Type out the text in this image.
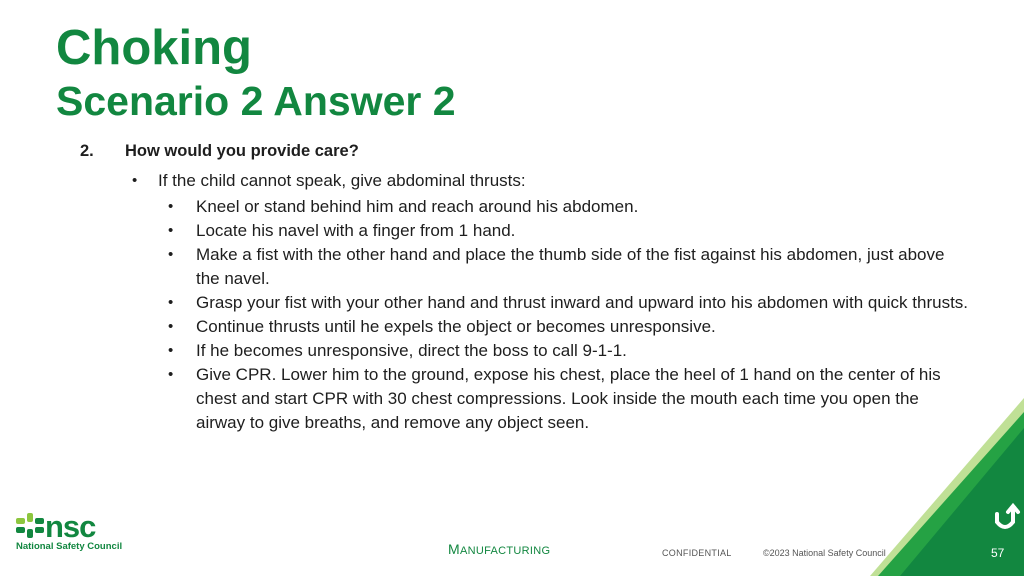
Choking
Scenario 2 Answer 2
2. How would you provide care?
• If the child cannot speak, give abdominal thrusts:
• Kneel or stand behind him and reach around his abdomen.
• Locate his navel with a finger from 1 hand.
• Make a fist with the other hand and place the thumb side of the fist against his abdomen, just above the navel.
• Grasp your fist with your other hand and thrust inward and upward into his abdomen with quick thrusts.
• Continue thrusts until he expels the object or becomes unresponsive.
• If he becomes unresponsive, direct the boss to call 9-1-1.
• Give CPR. Lower him to the ground, expose his chest, place the heel of 1 hand on the center of his chest and start CPR with 30 chest compressions. Look inside the mouth each time you open the airway to give breaths, and remove any object seen.
nsc
National Safety Council	MANUFACTURING	CONFIDENTIAL	©2023 National Safety Council	57
